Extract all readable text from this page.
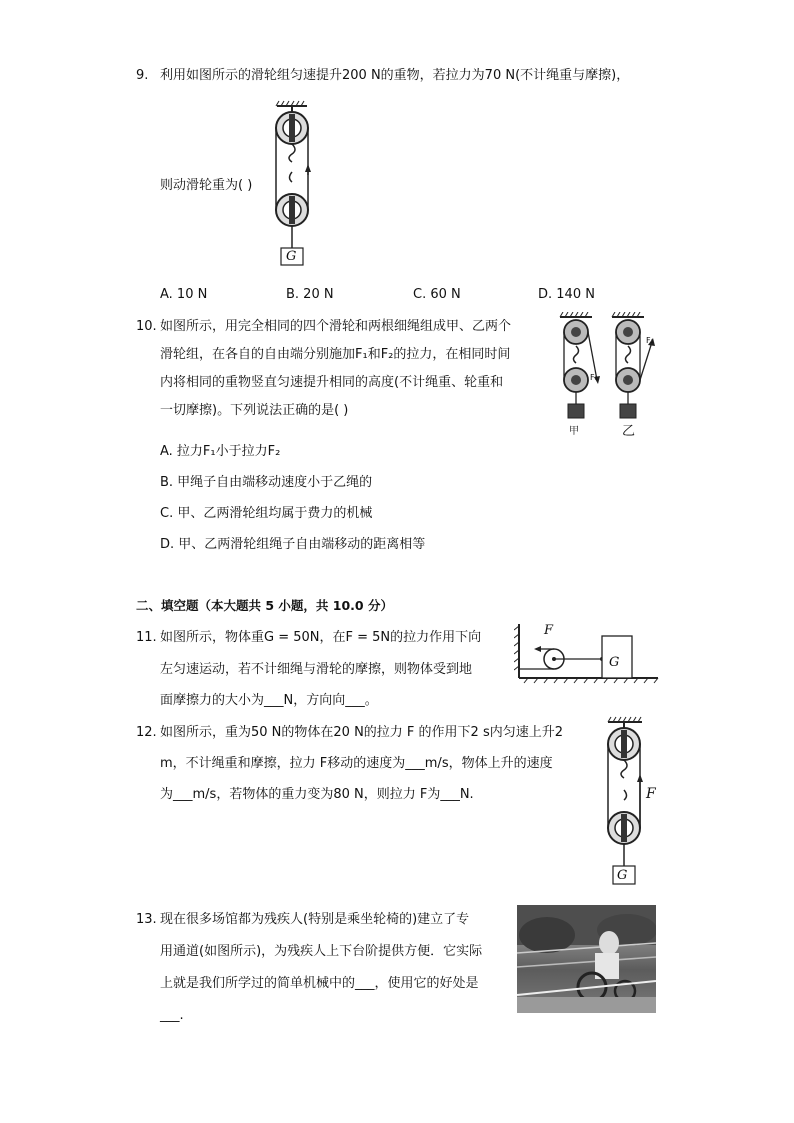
9. 利用如图所示的滑轮组匀速提升200 N的重物，若拉力为70 N(不计绳重与摩擦)，
G
则动滑轮重为( )
A. 10 N	B. 20 N	C. 60 N	D. 140 N
10. 如图所示，用完全相同的四个滑轮和两根细绳组成甲、乙两个
滑轮组，在各自的自由端分别施加F₁和F₂的拉力，在相同时间
内将相同的重物竖直匀速提升相同的高度(不计绳重、轮重和
一切摩擦)。下列说法正确的是( )
F₁
F₂
甲	乙
A. 拉力F₁小于拉力F₂
B. 甲绳子自由端移动速度小于乙绳的
C. 甲、乙两滑轮组均属于费力的机械
D. 甲、乙两滑轮组绳子自由端移动的距离相等
二、填空题（本大题共 5 小题，共 10.0 分）
11. 如图所示，物体重G = 50N，在F = 5N的拉力作用下向
左匀速运动，若不计细绳与滑轮的摩擦，则物体受到地
面摩擦力的大小为___N，方向向___。
F
G
12. 如图所示，重为50 N的物体在20 N的拉力 F 的作用下2 s内匀速上升2
m，不计绳重和摩擦，拉力 F移动的速度为___m/s，物体上升的速度
为___m/s，若物体的重力变为80 N，则拉力 F为___N.	F
G
13. 现在很多场馆都为残疾人(特别是乘坐轮椅的)建立了专
用通道(如图所示)，为残疾人上下台阶提供方便．它实际
上就是我们所学过的简单机械中的___，使用它的好处是
___.
